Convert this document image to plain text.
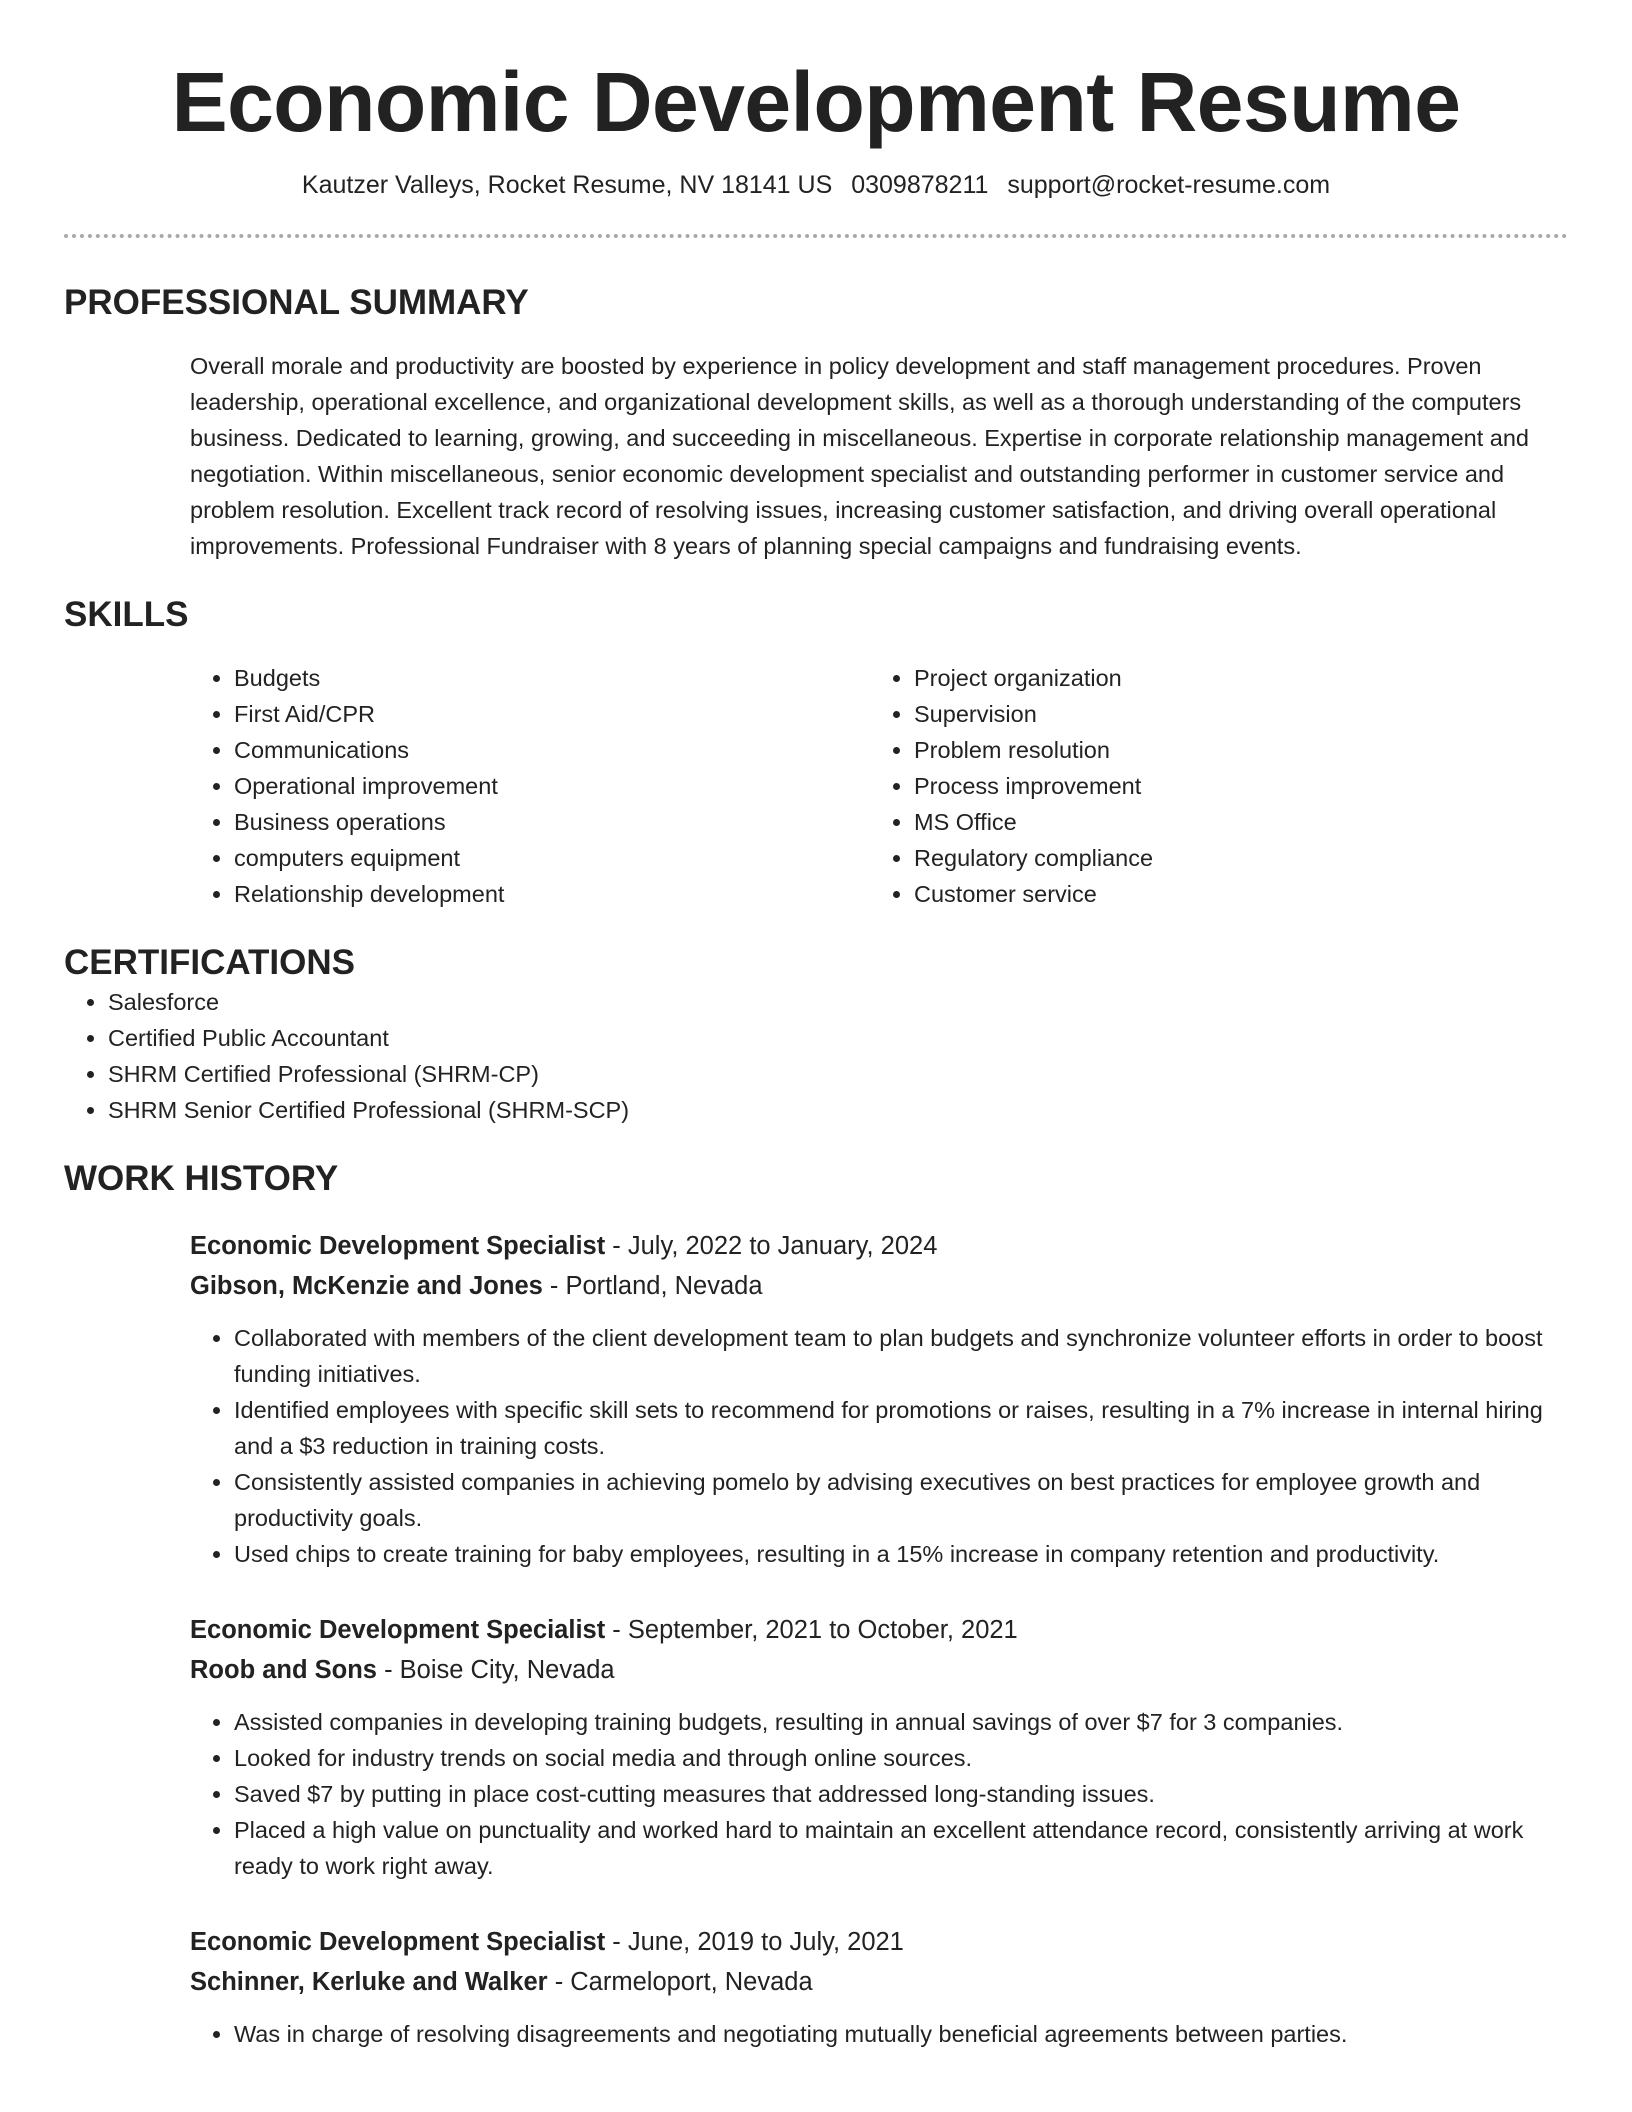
Economic Development Resume
Kautzer Valleys, Rocket Resume, NV 18141 US 0309878211 support@rocket-resume.com
PROFESSIONAL SUMMARY

Overall morale and productivity are boosted by experience in policy development and staff management procedures. Proven leadership, operational excellence, and organizational development skills, as well as a thorough understanding of the computers business. Dedicated to learning, growing, and succeeding in miscellaneous. Expertise in corporate relationship management and negotiation. Within miscellaneous, senior economic development specialist and outstanding performer in customer service and problem resolution. Excellent track record of resolving issues, increasing customer satisfaction, and driving overall operational improvements. Professional Fundraiser with 8 years of planning special campaigns and fundraising events.

SKILLS
• Budgets
• First Aid/CPR
• Communications
• Operational improvement
• Business operations
• computers equipment
• Relationship development
• Project organization
• Supervision
• Problem resolution
• Process improvement
• MS Office
• Regulatory compliance
• Customer service
CERTIFICATIONS
• Salesforce
• Certified Public Accountant
• SHRM Certified Professional (SHRM-CP)
• SHRM Senior Certified Professional (SHRM-SCP)
WORK HISTORY
Economic Development Specialist - July, 2022 to January, 2024
Gibson, McKenzie and Jones - Portland, Nevada
• Collaborated with members of the client development team to plan budgets and synchronize volunteer efforts in order to boost funding initiatives.
• Identified employees with specific skill sets to recommend for promotions or raises, resulting in a 7% increase in internal hiring and a $3 reduction in training costs.
• Consistently assisted companies in achieving pomelo by advising executives on best practices for employee growth and productivity goals.
• Used chips to create training for baby employees, resulting in a 15% increase in company retention and productivity.
Economic Development Specialist - September, 2021 to October, 2021
Roob and Sons - Boise City, Nevada
• Assisted companies in developing training budgets, resulting in annual savings of over $7 for 3 companies.
• Looked for industry trends on social media and through online sources.
• Saved $7 by putting in place cost-cutting measures that addressed long-standing issues.
• Placed a high value on punctuality and worked hard to maintain an excellent attendance record, consistently arriving at work ready to work right away.
Economic Development Specialist - June, 2019 to July, 2021
Schinner, Kerluke and Walker - Carmeloport, Nevada
• Was in charge of resolving disagreements and negotiating mutually beneficial agreements between parties.
